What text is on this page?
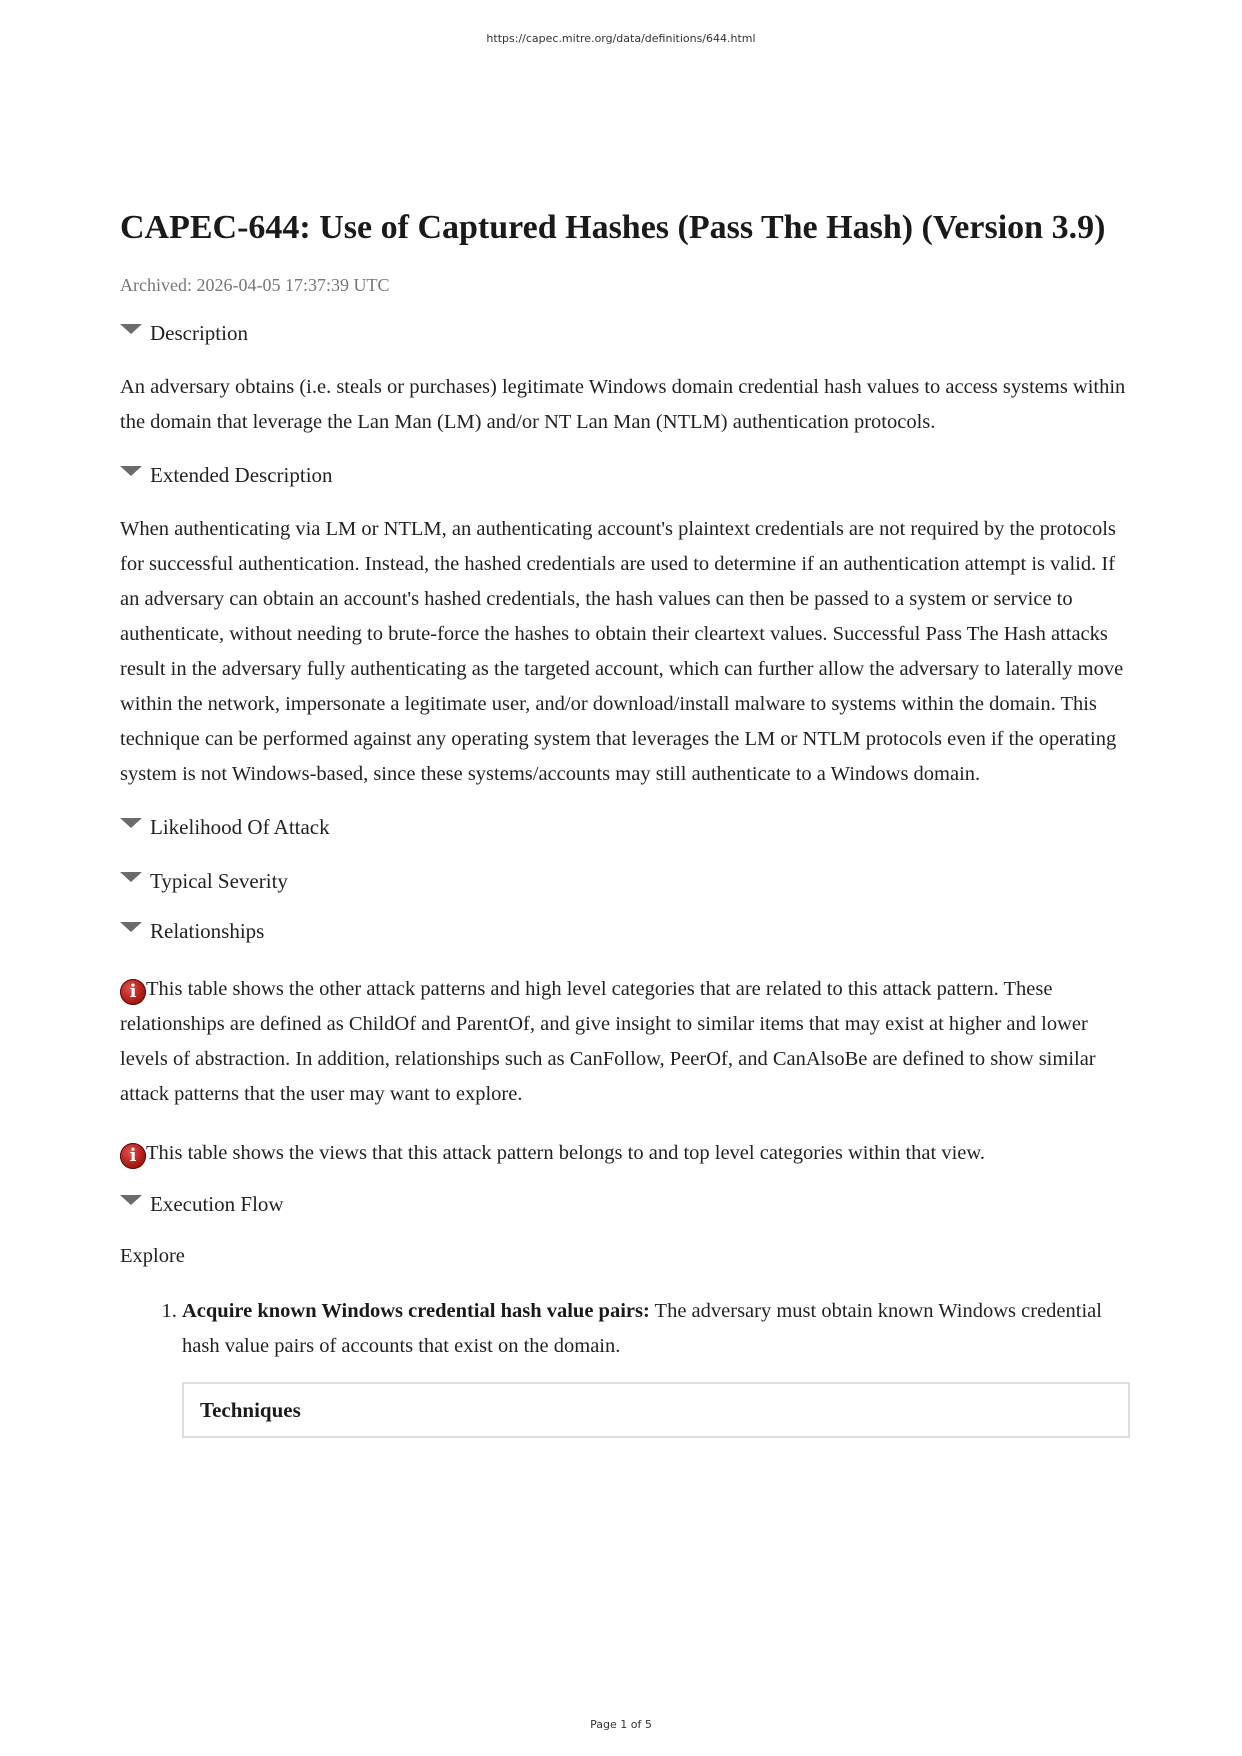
https://capec.mitre.org/data/definitions/644.html
CAPEC-644: Use of Captured Hashes (Pass The Hash) (Version 3.9)
Archived: 2026-04-05 17:37:39 UTC
Description

An adversary obtains (i.e. steals or purchases) legitimate Windows domain credential hash values to access systems within the domain that leverage the Lan Man (LM) and/or NT Lan Man (NTLM) authentication protocols.

Extended Description

When authenticating via LM or NTLM, an authenticating account's plaintext credentials are not required by the protocols for successful authentication. Instead, the hashed credentials are used to determine if an authentication attempt is valid. If an adversary can obtain an account's hashed credentials, the hash values can then be passed to a system or service to authenticate, without needing to brute-force the hashes to obtain their cleartext values. Successful Pass The Hash attacks result in the adversary fully authenticating as the targeted account, which can further allow the adversary to laterally move within the network, impersonate a legitimate user, and/or download/install malware to systems within the domain. This technique can be performed against any operating system that leverages the LM or NTLM protocols even if the operating system is not Windows-based, since these systems/accounts may still authenticate to a Windows domain.

Likelihood Of Attack
Typical Severity
Relationships

i This table shows the other attack patterns and high level categories that are related to this attack pattern. These relationships are defined as ChildOf and ParentOf, and give insight to similar items that may exist at higher and lower levels of abstraction. In addition, relationships such as CanFollow, PeerOf, and CanAlsoBe are defined to show similar attack patterns that the user may want to explore.

i This table shows the views that this attack pattern belongs to and top level categories within that view.

Execution Flow

Explore

1. Acquire known Windows credential hash value pairs: The adversary must obtain known Windows credential hash value pairs of accounts that exist on the domain.
Techniques
Page 1 of 5
